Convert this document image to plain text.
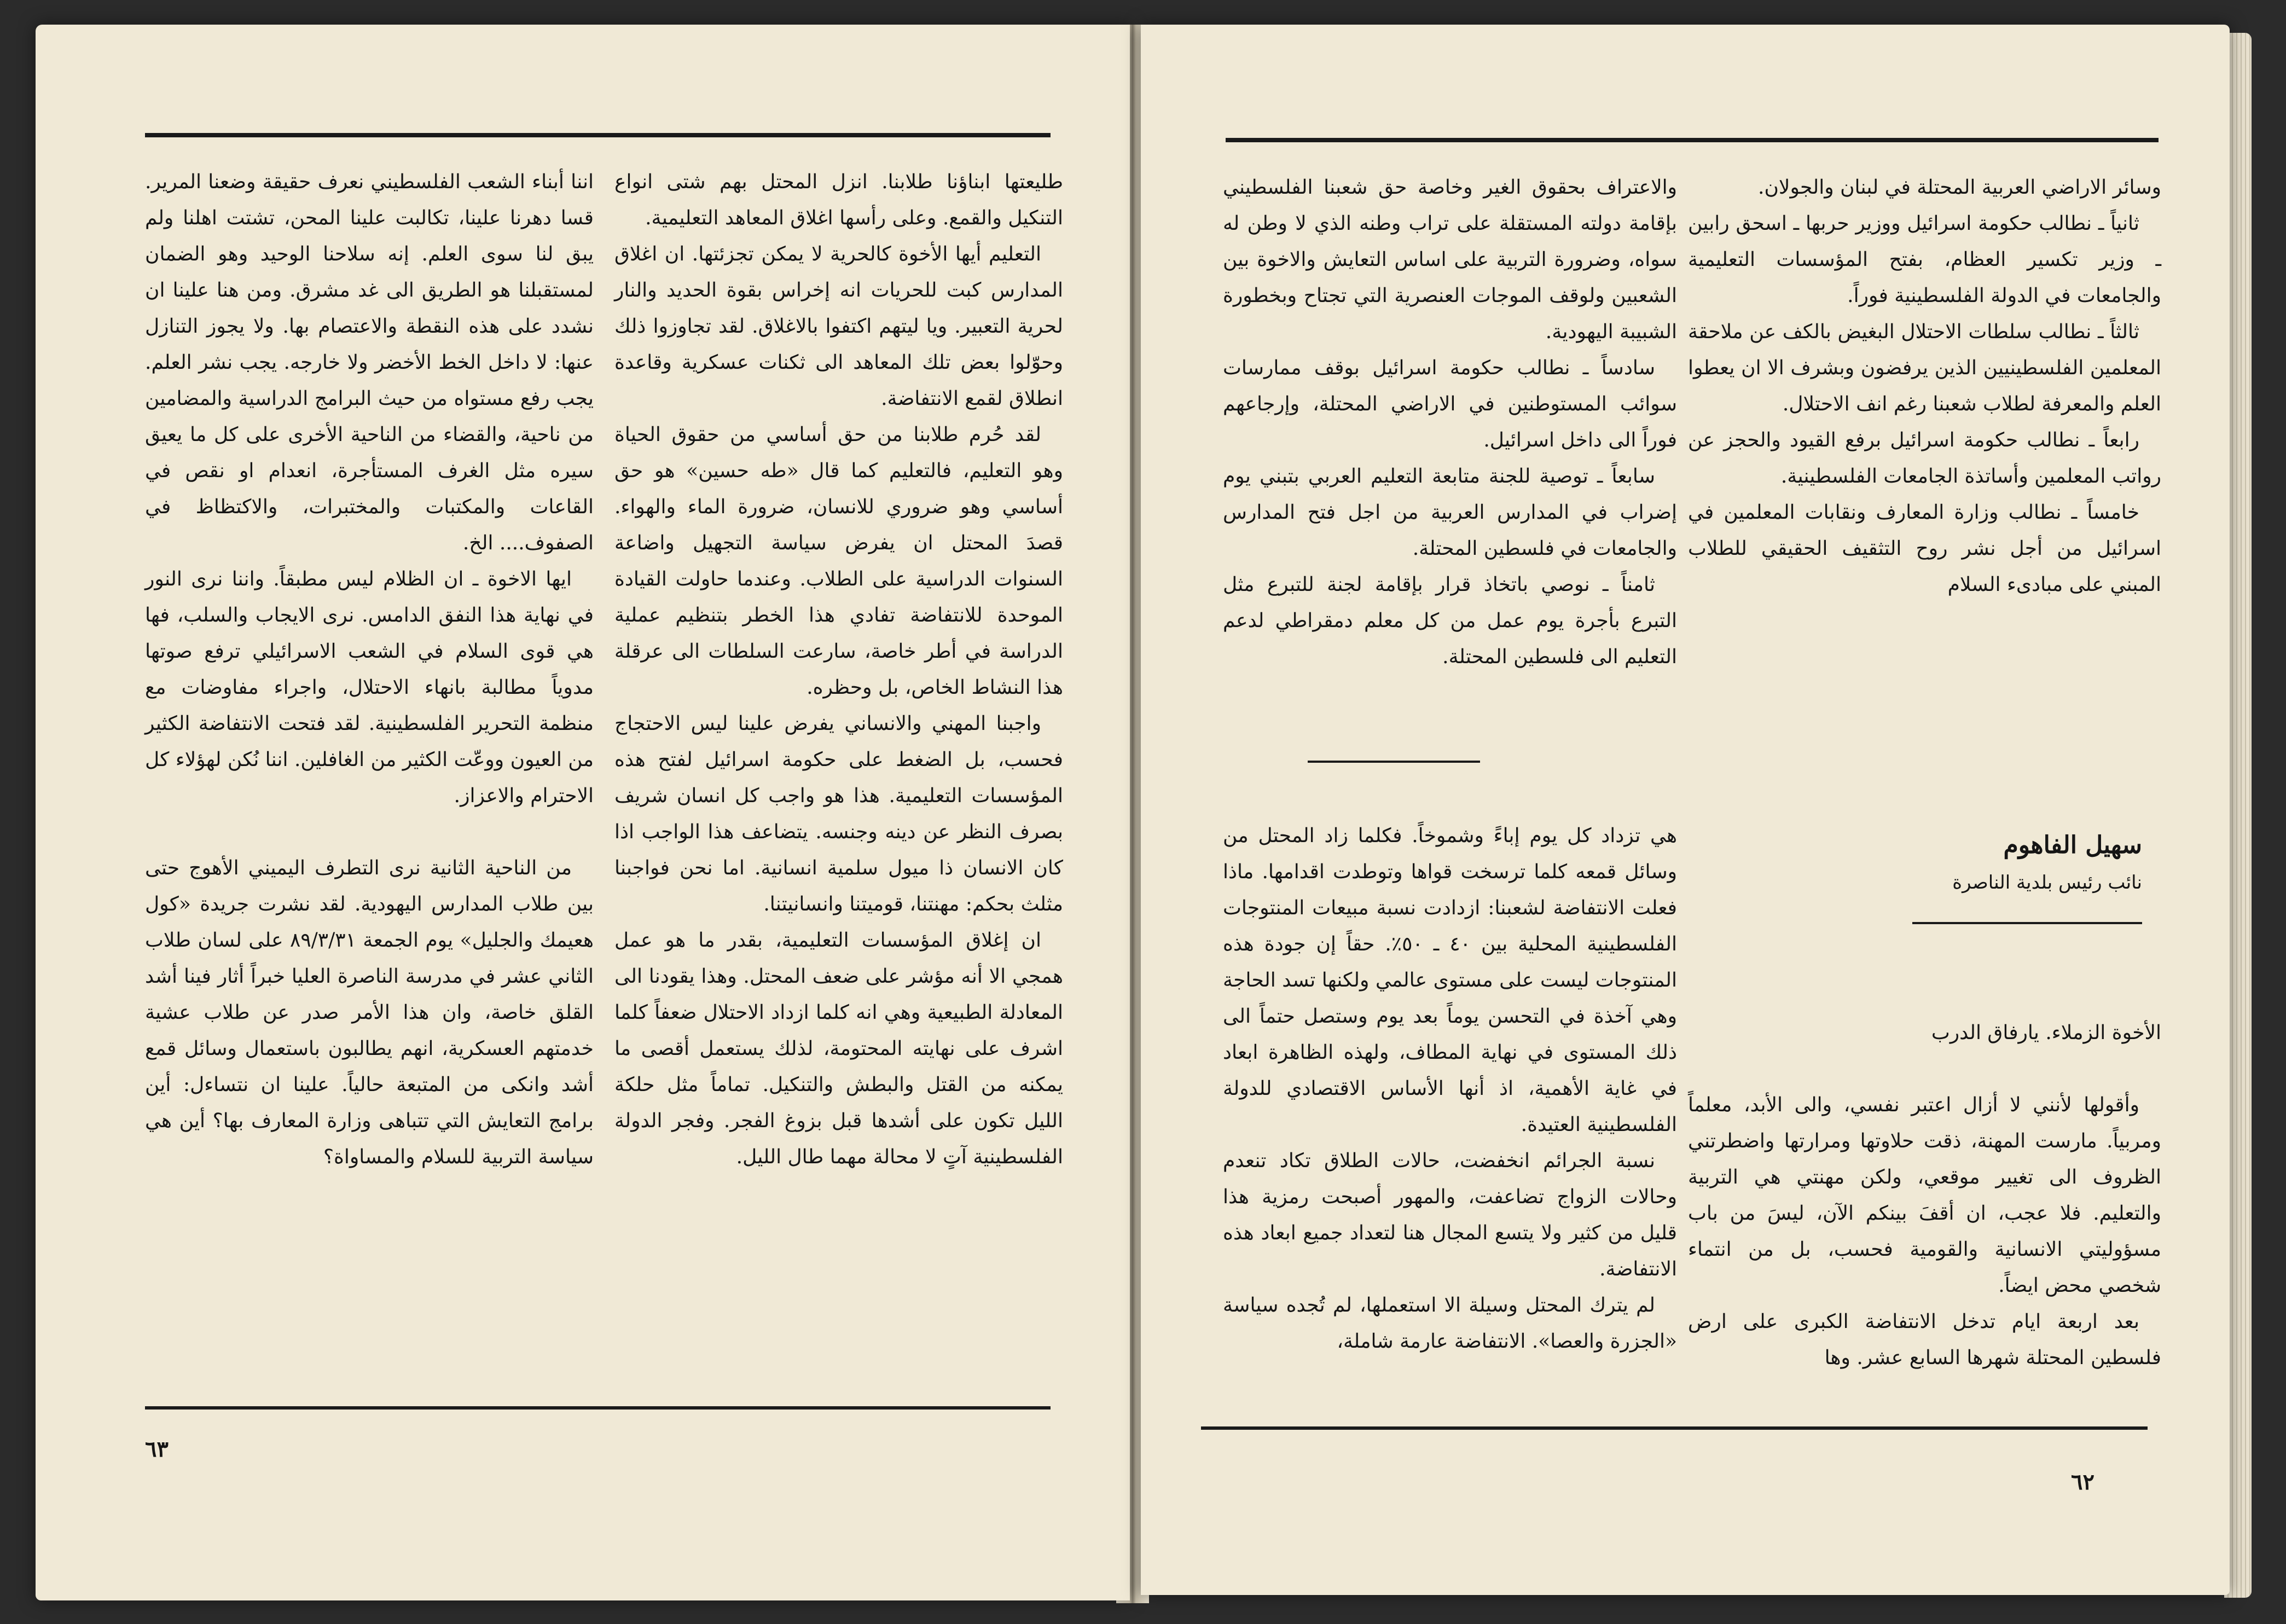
طليعتها ابناؤنا طلابنا. انزل المحتل بهم شتى انواع التنكيل والقمع. وعلى رأسها اغلاق المعاهد التعليمية.

التعليم أيها الأخوة كالحرية لا يمكن تجزئتها. ان اغلاق المدارس كبت للحريات انه إخراس بقوة الحديد والنار لحرية التعبير. ويا ليتهم اكتفوا بالاغلاق. لقد تجاوزوا ذلك وحوّلوا بعض تلك المعاهد الى ثكنات عسكرية وقاعدة انطلاق لقمع الانتفاضة.

لقد حُرم طلابنا من حق أساسي من حقوق الحياة وهو التعليم، فالتعليم كما قال «طه حسين» هو حق أساسي وهو ضروري للانسان، ضرورة الماء والهواء. قصدَ المحتل ان يفرض سياسة التجهيل واضاعة السنوات الدراسية على الطلاب. وعندما حاولت القيادة الموحدة للانتفاضة تفادي هذا الخطر بتنظيم عملية الدراسة في أطر خاصة، سارعت السلطات الى عرقلة هذا النشاط الخاص، بل وحظره.

واجبنا المهني والانساني يفرض علينا ليس الاحتجاج فحسب، بل الضغط على حكومة اسرائيل لفتح هذه المؤسسات التعليمية. هذا هو واجب كل انسان شريف بصرف النظر عن دينه وجنسه. يتضاعف هذا الواجب اذا كان الانسان ذا ميول سلمية انسانية. اما نحن فواجبنا مثلث بحكم: مهنتنا، قوميتنا وانسانيتنا.

ان إغلاق المؤسسات التعليمية، بقدر ما هو عمل همجي الا أنه مؤشر على ضعف المحتل. وهذا يقودنا الى المعادلة الطبيعية وهي انه كلما ازداد الاحتلال ضعفاً كلما اشرف على نهايته المحتومة، لذلك يستعمل أقصى ما يمكنه من القتل والبطش والتنكيل. تماماً مثل حلكة الليل تكون على أشدها قبل بزوغ الفجر. وفجر الدولة الفلسطينية آتٍ لا محالة مهما طال الليل.

اننا أبناء الشعب الفلسطيني نعرف حقيقة وضعنا المرير. قسا دهرنا علينا، تكالبت علينا المحن، تشتت اهلنا ولم يبق لنا سوى العلم. إنه سلاحنا الوحيد وهو الضمان لمستقبلنا هو الطريق الى غد مشرق. ومن هنا علينا ان نشدد على هذه النقطة والاعتصام بها. ولا يجوز التنازل عنها: لا داخل الخط الأخضر ولا خارجه. يجب نشر العلم. يجب رفع مستواه من حيث البرامج الدراسية والمضامين من ناحية، والقضاء من الناحية الأخرى على كل ما يعيق سيره مثل الغرف المستأجرة، انعدام او نقص في القاعات والمكتبات والمختبرات، والاكتظاظ في الصفوف.... الخ.

ايها الاخوة ـ ان الظلام ليس مطبقاً. واننا نرى النور في نهاية هذا النفق الدامس. نرى الايجاب والسلب، فها هي قوى السلام في الشعب الاسرائيلي ترفع صوتها مدوياً مطالبة بانهاء الاحتلال، واجراء مفاوضات مع منظمة التحرير الفلسطينية. لقد فتحت الانتفاضة الكثير من العيون ووعّت الكثير من الغافلين. اننا نُكن لهؤلاء كل الاحترام والاعزاز.

من الناحية الثانية نرى التطرف اليميني الأهوج حتى بين طلاب المدارس اليهودية. لقد نشرت جريدة «كول هعيمك والجليل» يوم الجمعة ٨٩/٣/٣١ على لسان طلاب الثاني عشر في مدرسة الناصرة العليا خبراً أثار فينا أشد القلق خاصة، وان هذا الأمر صدر عن طلاب عشية خدمتهم العسكرية، انهم يطالبون باستعمال وسائل قمع أشد وانكى من المتبعة حالياً. علينا ان نتساءل: أين برامج التعايش التي تتباهى وزارة المعارف بها؟ أين هي سياسة التربية للسلام والمساواة؟

٦٣

وسائر الاراضي العربية المحتلة في لبنان والجولان.

ثانياً ـ نطالب حكومة اسرائيل ووزير حربها ـ اسحق رابين ـ وزير تكسير العظام، بفتح المؤسسات التعليمية والجامعات في الدولة الفلسطينية فوراً.

ثالثاً ـ نطالب سلطات الاحتلال البغيض بالكف عن ملاحقة المعلمين الفلسطينيين الذين يرفضون وبشرف الا ان يعطوا العلم والمعرفة لطلاب شعبنا رغم انف الاحتلال.

رابعاً ـ نطالب حكومة اسرائيل برفع القيود والحجز عن رواتب المعلمين وأساتذة الجامعات الفلسطينية.

خامساً ـ نطالب وزارة المعارف ونقابات المعلمين في اسرائيل من أجل نشر روح التثقيف الحقيقي للطلاب المبني على مبادىء السلام

والاعتراف بحقوق الغير وخاصة حق شعبنا الفلسطيني بإقامة دولته المستقلة على تراب وطنه الذي لا وطن له سواه، وضرورة التربية على اساس التعايش والاخوة بين الشعبين ولوقف الموجات العنصرية التي تجتاح وبخطورة الشبيبة اليهودية.

سادساً ـ نطالب حكومة اسرائيل بوقف ممارسات سوائب المستوطنين في الاراضي المحتلة، وإرجاعهم فوراً الى داخل اسرائيل.

سابعاً ـ توصية للجنة متابعة التعليم العربي بتبني يوم إضراب في المدارس العربية من اجل فتح المدارس والجامعات في فلسطين المحتلة.

ثامناً ـ نوصي باتخاذ قرار بإقامة لجنة للتبرع مثل التبرع بأجرة يوم عمل من كل معلم دمقراطي لدعم التعليم الى فلسطين المحتلة.

سهيل الفاهوم
نائب رئيس بلدية الناصرة

الأخوة الزملاء. يارفاق الدرب

وأقولها لأنني لا أزال اعتبر نفسي، والى الأبد، معلماً ومربياً. مارست المهنة، ذقت حلاوتها ومرارتها واضطرتني الظروف الى تغيير موقعي، ولكن مهنتي هي التربية والتعليم. فلا عجب، ان أقفَ بينكم الآن، ليسَ من باب مسؤوليتي الانسانية والقومية فحسب، بل من انتماء شخصي محض ايضاً.

بعد اربعة ايام تدخل الانتفاضة الكبرى على ارض فلسطين المحتلة شهرها السابع عشر. وها

هي تزداد كل يوم إباءً وشموخاً. فكلما زاد المحتل من وسائل قمعه كلما ترسخت قواها وتوطدت اقدامها. ماذا فعلت الانتفاضة لشعبنا: ازدادت نسبة مبيعات المنتوجات الفلسطينية المحلية بين ٤٠ ـ ٥٠٪. حقاً إن جودة هذه المنتوجات ليست على مستوى عالمي ولكنها تسد الحاجة وهي آخذة في التحسن يوماً بعد يوم وستصل حتماً الى ذلك المستوى في نهاية المطاف، ولهذه الظاهرة ابعاد في غاية الأهمية، اذ أنها الأساس الاقتصادي للدولة الفلسطينية العتيدة.

نسبة الجرائم انخفضت، حالات الطلاق تكاد تنعدم وحالات الزواج تضاعفت، والمهور أصبحت رمزية هذا قليل من كثير ولا يتسع المجال هنا لتعداد جميع ابعاد هذه الانتفاضة.

لم يترك المحتل وسيلة الا استعملها، لم تُجده سياسة «الجزرة والعصا». الانتفاضة عارمة شاملة،

٦٢
